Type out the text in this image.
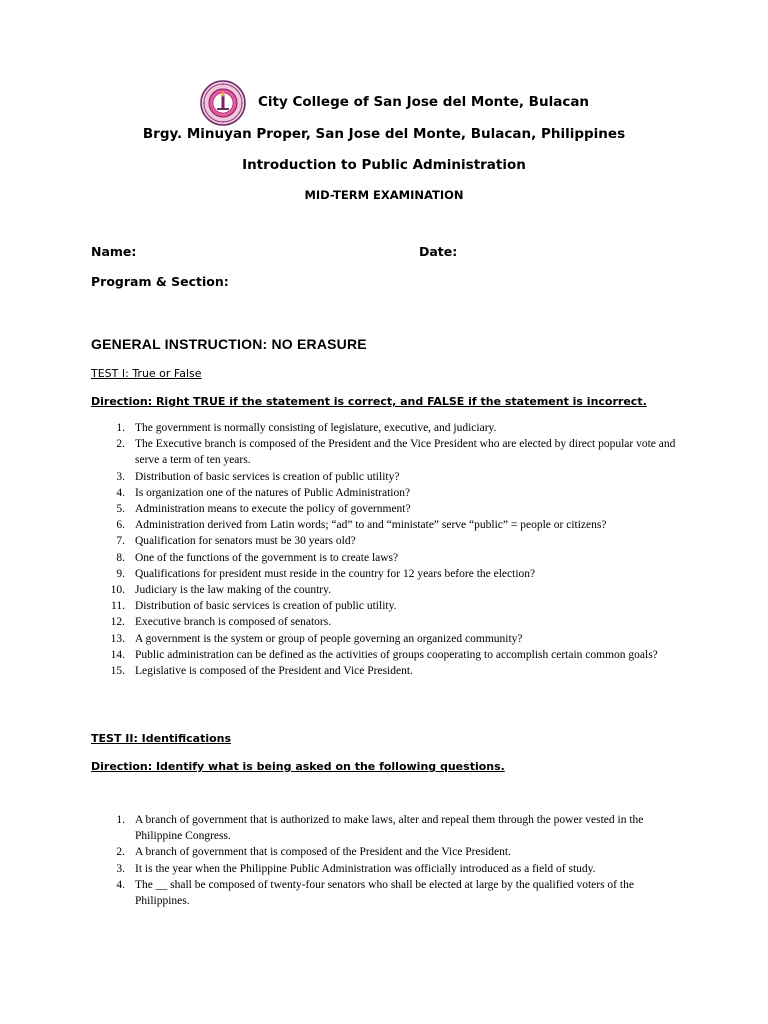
City College of San Jose del Monte, Bulacan
Brgy. Minuyan Proper, San Jose del Monte, Bulacan, Philippines
Introduction to Public Administration
MID-TERM EXAMINATION
Name:	Date:
Program & Section:
GENERAL INSTRUCTION: NO ERASURE
TEST I: True or False
Direction: Right TRUE if the statement is correct, and FALSE if the statement is incorrect.
1. The government is normally consisting of legislature, executive, and judiciary.
2. The Executive branch is composed of the President and the Vice President who are elected by direct popular vote and serve a term of ten years.
3. Distribution of basic services is creation of public utility?
4. Is organization one of the natures of Public Administration?
5. Administration means to execute the policy of government?
6. Administration derived from Latin words; “ad” to and “ministate” serve “public” = people or citizens?
7. Qualification for senators must be 30 years old?
8. One of the functions of the government is to create laws?
9. Qualifications for president must reside in the country for 12 years before the election?
10. Judiciary is the law making of the country.
11. Distribution of basic services is creation of public utility.
12. Executive branch is composed of senators.
13. A government is the system or group of people governing an organized community?
14. Public administration can be defined as the activities of groups cooperating to accomplish certain common goals?
15. Legislative is composed of the President and Vice President.
TEST II: Identifications
Direction: Identify what is being asked on the following questions.
1. A branch of government that is authorized to make laws, alter and repeal them through the power vested in the Philippine Congress.
2. A branch of government that is composed of the President and the Vice President.
3. It is the year when the Philippine Public Administration was officially introduced as a field of study.
4. The __ shall be composed of twenty-four senators who shall be elected at large by the qualified voters of the Philippines.
